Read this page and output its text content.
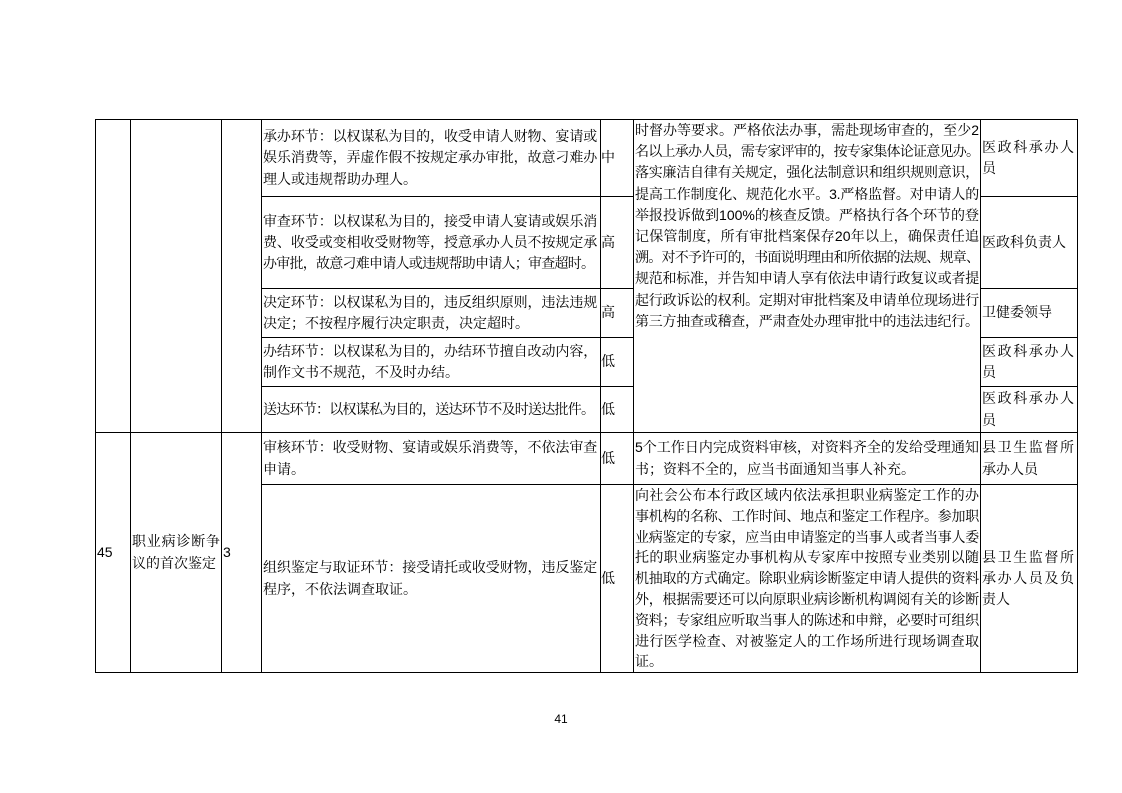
承办环节：以权谋私为目的，收受申请人财物、宴请或
娱乐消费等，弄虚作假不按规定承办审批，故意刁难办
理人或违规帮助办理人。
中
医政科承办人员
审查环节：以权谋私为目的，接受申请人宴请或娱乐消
费、收受或变相收受财物等，授意承办人员不按规定承
办审批，故意刁难申请人或违规帮助申请人；审查超时。
高	医政科负责人
决定环节：以权谋私为目的，违反组织原则，违法违规
决定；不按程序履行决定职责，决定超时。
高	卫健委领导
办结环节：以权谋私为目的，办结环节擅自改动内容，
制作文书不规范，不及时办结。
低
医政科承办人员
送达环节：以权谋私为目的，送达环节不及时送达批件。 低
医政科承办人员
时督办等要求。严格依法办事，需赴现场审查的，至少2
名以上承办人员，需专家评审的，按专家集体论证意见办。
落实廉洁自律有关规定，强化法制意识和组织规则意识，
提高工作制度化、规范化水平。3.严格监督。对申请人的
举报投诉做到100%的核查反馈。严格执行各个环节的登
记保管制度，所有审批档案保存20年以上，确保责任追
溯。对不予许可的，书面说明理由和所依据的法规、规章、
规范和标准，并告知申请人享有依法申请行政复议或者提
起行政诉讼的权利。定期对审批档案及申请单位现场进行
第三方抽查或稽查，严肃查处办理审批中的违法违纪行。
45
职业病诊断争议的首次鉴定
3
审核环节：收受财物、宴请或娱乐消费等，不依法审查
申请。
低
5个工作日内完成资料审核，对资料齐全的发给受理通知
书；资料不全的，应当书面通知当事人补充。
县卫生监督所承办人员
组织鉴定与取证环节：接受请托或收受财物，违反鉴定
程序，不依法调查取证。
低
向社会公布本行政区域内依法承担职业病鉴定工作的办
事机构的名称、工作时间、地点和鉴定工作程序。参加职
业病鉴定的专家，应当由申请鉴定的当事人或者当事人委
托的职业病鉴定办事机构从专家库中按照专业类别以随
机抽取的方式确定。除职业病诊断鉴定申请人提供的资料
外，根据需要还可以向原职业病诊断机构调阅有关的诊断
资料；专家组应听取当事人的陈述和申辩，必要时可组织
进行医学检查、对被鉴定人的工作场所进行现场调查取
证。
县卫生监督所承办人员及负责人
41
